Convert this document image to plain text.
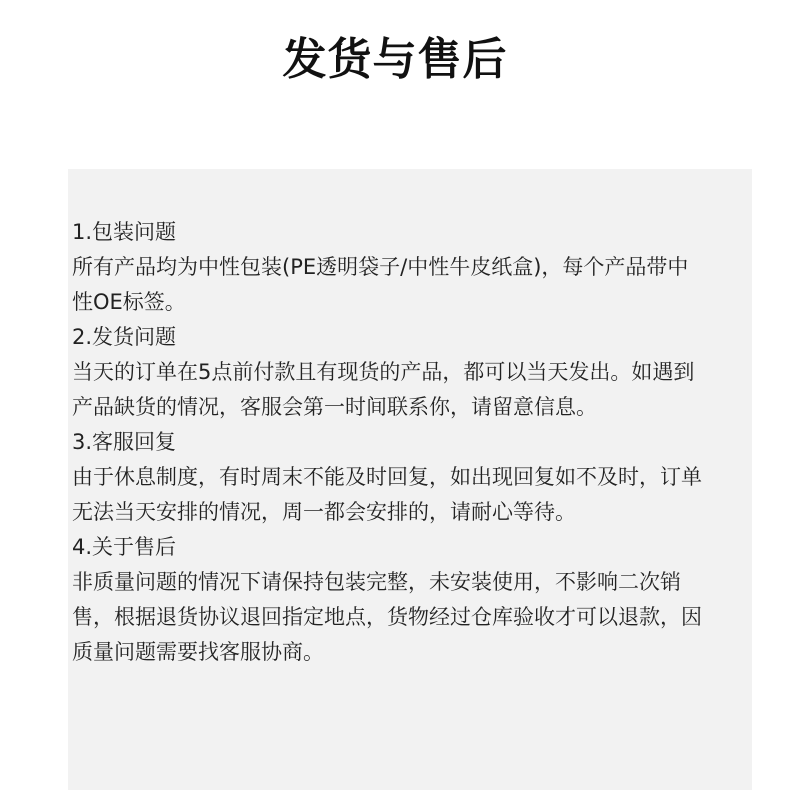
发货与售后

1.包装问题

所有产品均为中性包装(PE透明袋子/中性牛皮纸盒)，每个产品带中性OE标签。

2.发货问题

当天的订单在5点前付款且有现货的产品，都可以当天发出。如遇到产品缺货的情况，客服会第一时间联系你，请留意信息。

3.客服回复

由于休息制度，有时周末不能及时回复，如出现回复如不及时，订单无法当天安排的情况，周一都会安排的，请耐心等待。

4.关于售后

非质量问题的情况下请保持包装完整，未安装使用，不影响二次销售，根据退货协议退回指定地点，货物经过仓库验收才可以退款，因质量问题需要找客服协商。
